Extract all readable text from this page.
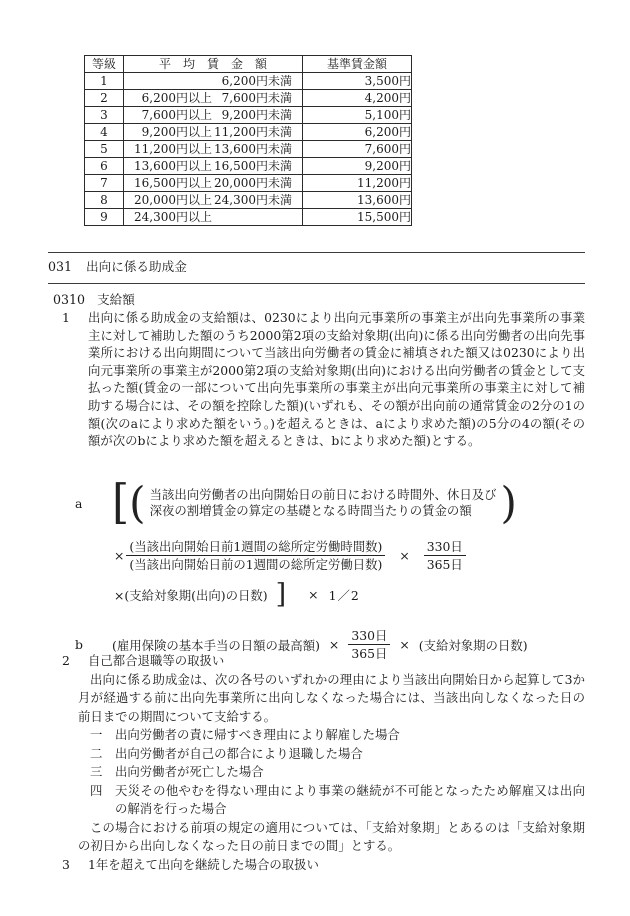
等級	平　均　賃　金　額	基準賃金額
1	6,200円未満	3,500円
2	6,200円以上 7,600円未満	4,200円
3	7,600円以上 9,200円未満	5,100円
4	9,200円以上 11,200円未満	6,200円
5	11,200円以上 13,600円未満	7,600円
6	13,600円以上 16,500円未満	9,200円
7	16,500円以上 20,000円未満	11,200円
8	20,000円以上 24,300円未満	13,600円
9	24,300円以上	15,500円
031 出向に係る助成金
0310 支給額
1	出向に係る助成金の支給額は、0230により出向元事業所の事業主が出向先事業所の事業主に対して補助した額のうち2000第2項の支給対象期(出向)に係る出向労働者の出向先事業所における出向期間について当該出向労働者の賃金に補填された額又は0230により出向元事業所の事業主が2000第2項の支給対象期(出向)における出向労働者の賃金として支払った額(賃金の一部について出向先事業所の事業主が出向元事業所の事業主に対して補助する場合には、その額を控除した額)(いずれも、その額が出向前の通常賃金の2分の1の額(次のaにより求めた額をいう。)を超えるときは、aにより求めた額)の5分の4の額(その額が次のbにより求めた額を超えるときは、bにより求めた額)とする。
a [ ( 当該出向労働者の出向開始日の前日における時間外、休日及び
深夜の割増賃金の算定の基礎となる時間当たりの賃金の額 )
× $\frac{\text{(当該出向開始日前1週間の総所定労働時間数)}}{\text{(当該出向開始日前の1週間の総所定労働日数)}} \times \frac{\text{330日}}{\text{365日}}$
×(支給対象期(出向)の日数) ] × 1／2
b	(雇用保険の基本手当の日額の最高額) × $\frac{\text{330日}}{\text{365日}}$ × (支給対象期の日数)
2	自己都合退職等の取扱い
出向に係る助成金は、次の各号のいずれかの理由により当該出向開始日から起算して3か月が経過する前に出向先事業所に出向しなくなった場合には、当該出向しなくなった日の前日までの期間について支給する。
一	出向労働者の責に帰すべき理由により解雇した場合
二	出向労働者が自己の都合により退職した場合
三	出向労働者が死亡した場合
四	天災その他やむを得ない理由により事業の継続が不可能となったため解雇又は出向の解消を行った場合
この場合における前項の規定の適用については、「支給対象期」とあるのは「支給対象期の初日から出向しなくなった日の前日までの間」とする。
3	1年を超えて出向を継続した場合の取扱い
